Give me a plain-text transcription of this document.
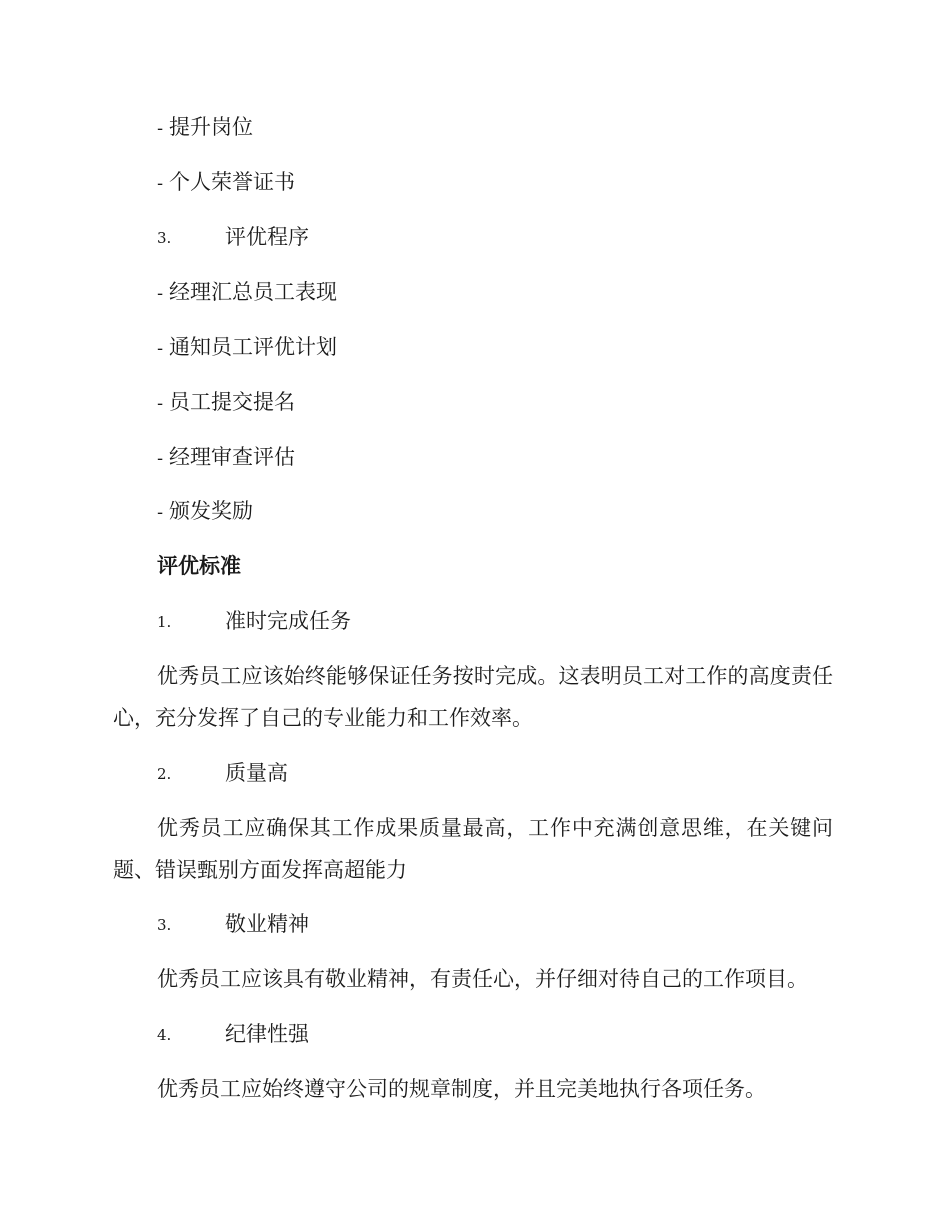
- 提升岗位
- 个人荣誉证书
3.	评优程序
- 经理汇总员工表现
- 通知员工评优计划
- 员工提交提名
- 经理审查评估
- 颁发奖励
评优标准
1.	准时完成任务
优秀员工应该始终能够保证任务按时完成。这表明员工对工作的高度责任心，充分发挥了自己的专业能力和工作效率。
2.	质量高
优秀员工应确保其工作成果质量最高，工作中充满创意思维，在关键问题、错误甄别方面发挥高超能力
3.	敬业精神
优秀员工应该具有敬业精神，有责任心，并仔细对待自己的工作项目。
4.	纪律性强
优秀员工应始终遵守公司的规章制度，并且完美地执行各项任务。
